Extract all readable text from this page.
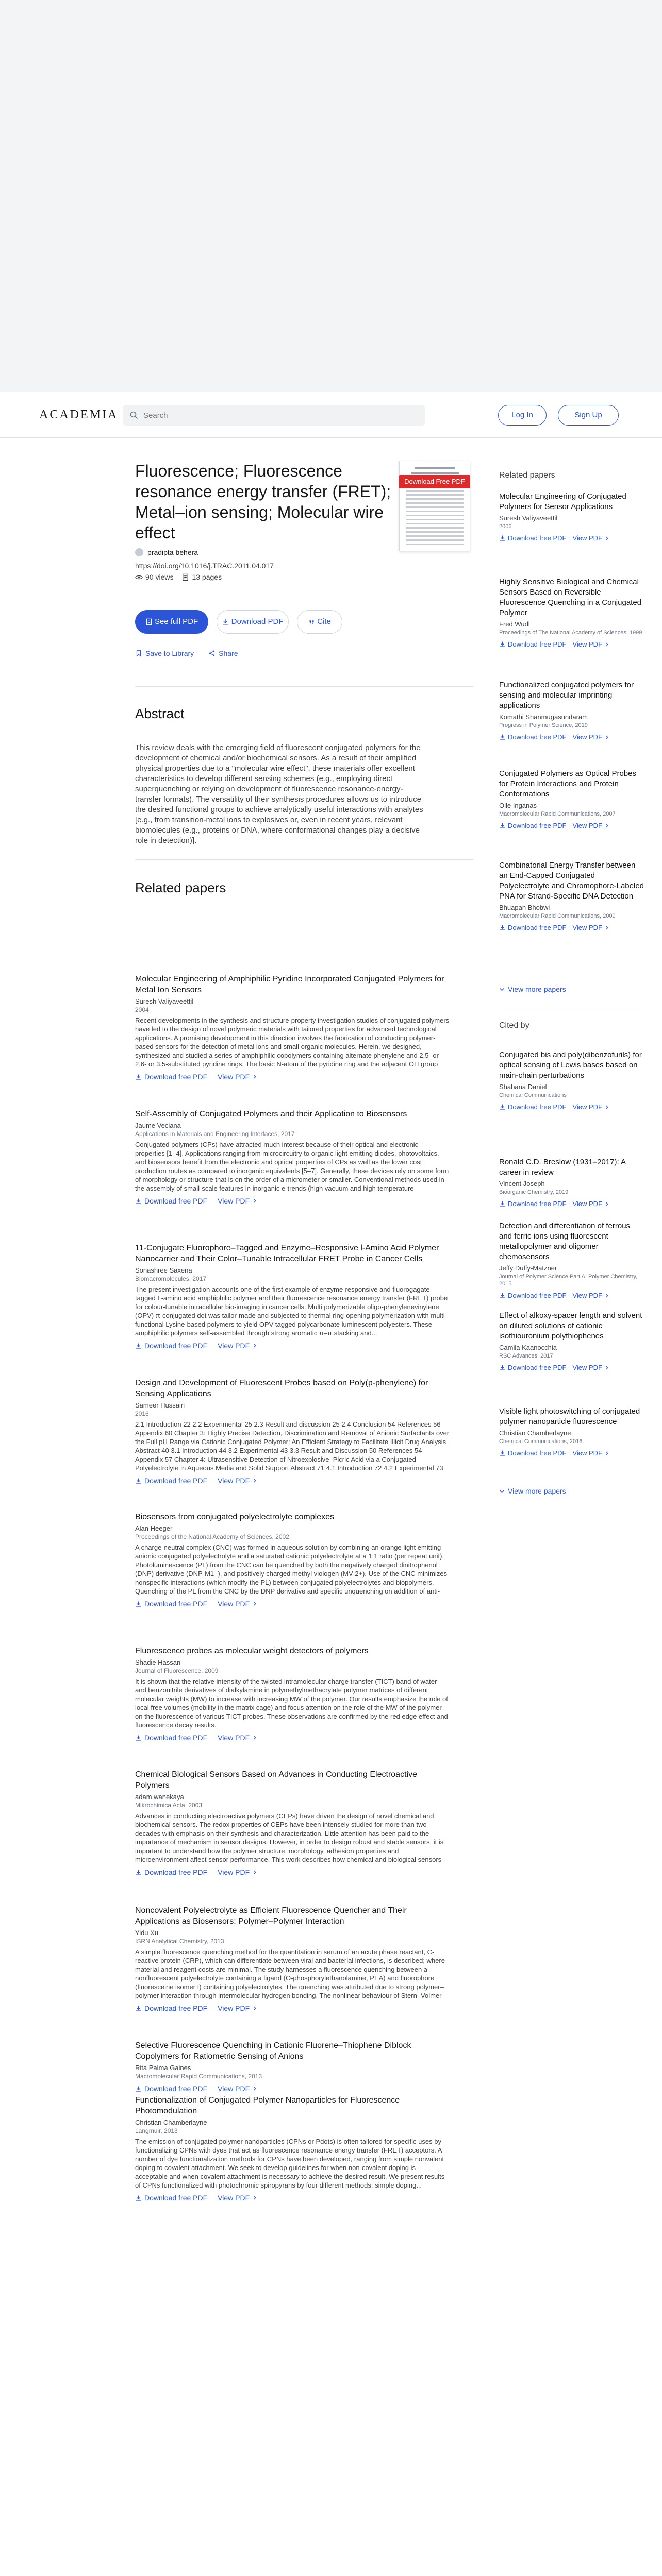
ACADEMIA
Search	Log In	Sign Up
Fluorescence; Fluorescence resonance energy transfer (FRET); Metal–ion sensing; Molecular wire effect
Download Free PDF
pradipta behera
https://doi.org/10.1016/j.TRAC.2011.04.017
90 views	13 pages
See full PDF	Download PDF	Cite
Save to Library	Share
Abstract

This review deals with the emerging field of fluorescent conjugated polymers for the development of chemical and/or biochemical sensors. As a result of their amplified physical properties due to a "molecular wire effect", these materials offer excellent characteristics to develop different sensing schemes (e.g., employing direct superquenching or relying on development of fluorescence resonance-energy-transfer formats). The versatility of their synthesis procedures allows us to introduce the desired functional groups to achieve analytically useful interactions with analytes [e.g., from transition-metal ions to explosives or, even in recent years, relevant biomolecules (e.g., proteins or DNA, where conformational changes play a decisive role in detection)].

Related papers
Molecular Engineering of Amphiphilic Pyridine Incorporated Conjugated Polymers for Metal Ion Sensors
Suresh Valiyaveettil
2004
Recent developments in the synthesis and structure-property investigation studies of conjugated polymers have led to the design of novel polymeric materials with tailored properties for advanced technological applications. A promising development in this direction involves the fabrication of conducting polymer-based sensors for the detection of metal ions and small organic molecules. Herein, we designed, synthesized and studied a series of amphiphilic copolymers containing alternate phenylene and 2,5- or 2,6- or 3,5-substituted pyridine rings. The basic N-atom of the pyridine ring and the adjacent OH group
Download free PDF View PDF
Self-Assembly of Conjugated Polymers and their Application to Biosensors
Jaume Veciana
Applications in Materials and Engineering Interfaces, 2017
Conjugated polymers (CPs) have attracted much interest because of their optical and electronic properties [1–4]. Applications ranging from microcircuitry to organic light emitting diodes, photovoltaics, and biosensors benefit from the electronic and optical properties of CPs as well as the lower cost production routes as compared to inorganic equivalents [5–7]. Generally, these devices rely on some form of morphology or structure that is on the order of a micrometer or smaller. Conventional methods used in the assembly of small-scale features in inorganic e-trends (high vacuum and high temperature
Download free PDF View PDF
11-Conjugate Fluorophore–Tagged and Enzyme–Responsive l-Amino Acid Polymer Nanocarrier and Their Color–Tunable Intracellular FRET Probe in Cancer Cells
Sonashree Saxena
Biomacromolecules, 2017
The present investigation accounts one of the first example of enzyme-responsive and fluorogagate-tagged L-amino acid amphiphilic polymer and their fluorescence resonance energy transfer (FRET) probe for colour-tunable intracellular bio-imaging in cancer cells. Multi polymerizable oligo-phenylenevinylene (OPV) π-conjugated dot was tailor-made and subjected to thermal ring-opening polymerization with multi-functional Lysine-based polymers to yield OPV-tagged polycarbonate luminescent polyesters. These amphiphilic polymers self-assembled through strong aromatic π–π stacking and...
Download free PDF View PDF
Design and Development of Fluorescent Probes based on Poly(p-phenylene) for Sensing Applications
Sameer Hussain
2016
2.1 Introduction 22 2.2 Experimental 25 2.3 Result and discussion 25 2.4 Conclusion 54 References 56 Appendix 60 Chapter 3: Highly Precise Detection, Discrimination and Removal of Anionic Surfactants over the Full pH Range via Cationic Conjugated Polymer: An Efficient Strategy to Facilitate Illicit Drug Analysis Abstract 40 3.1 Introduction 44 3.2 Experimental 43 3.3 Result and Discussion 50 References 54 Appendix 57 Chapter 4: Ultrasensitive Detection of Nitroexplosive–Picric Acid via a Conjugated Polyelectrolyte in Aqueous Media and Solid Support Abstract 71 4.1 Introduction 72 4.2 Experimental 73
Download free PDF View PDF
Biosensors from conjugated polyelectrolyte complexes
Alan Heeger
Proceedings of the National Academy of Sciences, 2002
A charge-neutral complex (CNC) was formed in aqueous solution by combining an orange light emitting anionic conjugated polyelectrolyte and a saturated cationic polyelectrolyte at a 1:1 ratio (per repeat unit). Photoluminescence (PL) from the CNC can be quenched by both the negatively charged dinitrophenol (DNP) derivative (DNP-M1–), and positively charged methyl viologen (MV 2+). Use of the CNC minimizes nonspecific interactions (which modify the PL) between conjugated polyelectrolytes and biopolymers. Quenching of the PL from the CNC by the DNP derivative and specific unquenching on addition of anti-
Download free PDF View PDF
Fluorescence probes as molecular weight detectors of polymers
Shadie Hassan
Journal of Fluorescence, 2009
It is shown that the relative intensity of the twisted intramolecular charge transfer (TICT) band of water and benzonitrile derivatives of dialkylamine in polymethylmethacrylate polymer matrices of different molecular weights (MW) to increase with increasing MW of the polymer. Our results emphasize the role of local free volumes (mobility in the matrix cage) and focus attention on the role of the MW of the polymer on the fluorescence of various TICT probes. These observations are confirmed by the red edge effect and fluorescence decay results.
Download free PDF View PDF
Chemical Biological Sensors Based on Advances in Conducting Electroactive Polymers
adam wanekaya
Mikrochimica Acta, 2003
Advances in conducting electroactive polymers (CEPs) have driven the design of novel chemical and biochemical sensors. The redox properties of CEPs have been intensely studied for more than two decades with emphasis on their synthesis and characterization. Little attention has been paid to the importance of mechanism in sensor designs. However, in order to design robust and stable sensors, it is important to understand how the polymer structure, morphology, adhesion properties and microenvironment affect sensor performance. This work describes how chemical and biological sensors
Download free PDF View PDF
Noncovalent Polyelectrolyte as Efficient Fluorescence Quencher and Their Applications as Biosensors: Polymer–Polymer Interaction
Yidu Xu
ISRN Analytical Chemistry, 2013
A simple fluorescence quenching method for the quantitation in serum of an acute phase reactant, C-reactive protein (CRP), which can differentiate between viral and bacterial infections, is described; where material and reagent costs are minimal. The study harnesses a fluorescence quenching between a nonfluorescent polyelectrolyte containing a ligand (O-phosphorylethanolamine, PEA) and fluorophore (fluoresceine isomer I) containing polyelectrolytes. The quenching was attributed due to strong polymer–polymer interaction through intermolecular hydrogen bonding. The nonlinear behaviour of Stern–Volmer
Download free PDF View PDF
Selective Fluorescence Quenching in Cationic Fluorene–Thiophene Diblock Copolymers for Ratiometric Sensing of Anions
Rita Palma Gaines
Macromolecular Rapid Communications, 2013
Download free PDF View PDF
Functionalization of Conjugated Polymer Nanoparticles for Fluorescence Photomodulation
Christian Chamberlayne
Langmuir, 2013
The emission of conjugated polymer nanoparticles (CPNs or Pdots) is often tailored for specific uses by functionalizing CPNs with dyes that act as fluorescence resonance energy transfer (FRET) acceptors. A number of dye functionalization methods for CPNs have been developed, ranging from simple nonvalent doping to covalent attachment. We seek to develop guidelines for when non-covalent doping is acceptable and when covalent attachment is necessary to achieve the desired result. We present results of CPNs functionalized with photochromic spiropyrans by four different methods: simple doping...
Download free PDF View PDF
Related papers
Molecular Engineering of Conjugated Polymers for Sensor Applications
Suresh Valiyaveettil
2006
Download free PDF View PDF
Highly Sensitive Biological and Chemical Sensors Based on Reversible Fluorescence Quenching in a Conjugated Polymer
Fred Wudl
Proceedings of The National Academy of Sciences, 1999
Download free PDF View PDF
Functionalized conjugated polymers for sensing and molecular imprinting applications
Komathi Shanmugasundaram
Progress in Polymer Science, 2019
Download free PDF View PDF
Conjugated Polymers as Optical Probes for Protein Interactions and Protein Conformations
Olle Inganas
Macromolecular Rapid Communications, 2007
Download free PDF View PDF
Combinatorial Energy Transfer between an End-Capped Conjugated Polyelectrolyte and Chromophore-Labeled PNA for Strand-Specific DNA Detection
Bhuapan Bhobwi
Macromolecular Rapid Communications, 2009
Download free PDF View PDF
View more papers
Cited by
Conjugated bis and poly(dibenzofurils) for optical sensing of Lewis bases based on main-chain perturbations
Shabana Daniel
Chemical Communications
Download free PDF View PDF
Ronald C.D. Breslow (1931–2017): A career in review
Vincent Joseph
Bioorganic Chemistry, 2019
Download free PDF View PDF
Detection and differentiation of ferrous and ferric ions using fluorescent metallopolymer and oligomer chemosensors
Jeffy Duffy-Matzner
Journal of Polymer Science Part A: Polymer Chemistry, 2015
Download free PDF View PDF
Effect of alkoxy-spacer length and solvent on diluted solutions of cationic isothiouronium polythiophenes
Camila Kaanocchia
RSC Advances, 2017
Download free PDF View PDF
Visible light photoswitching of conjugated polymer nanoparticle fluorescence
Christian Chamberlayne
Chemical Communications, 2016
Download free PDF View PDF
View more papers
